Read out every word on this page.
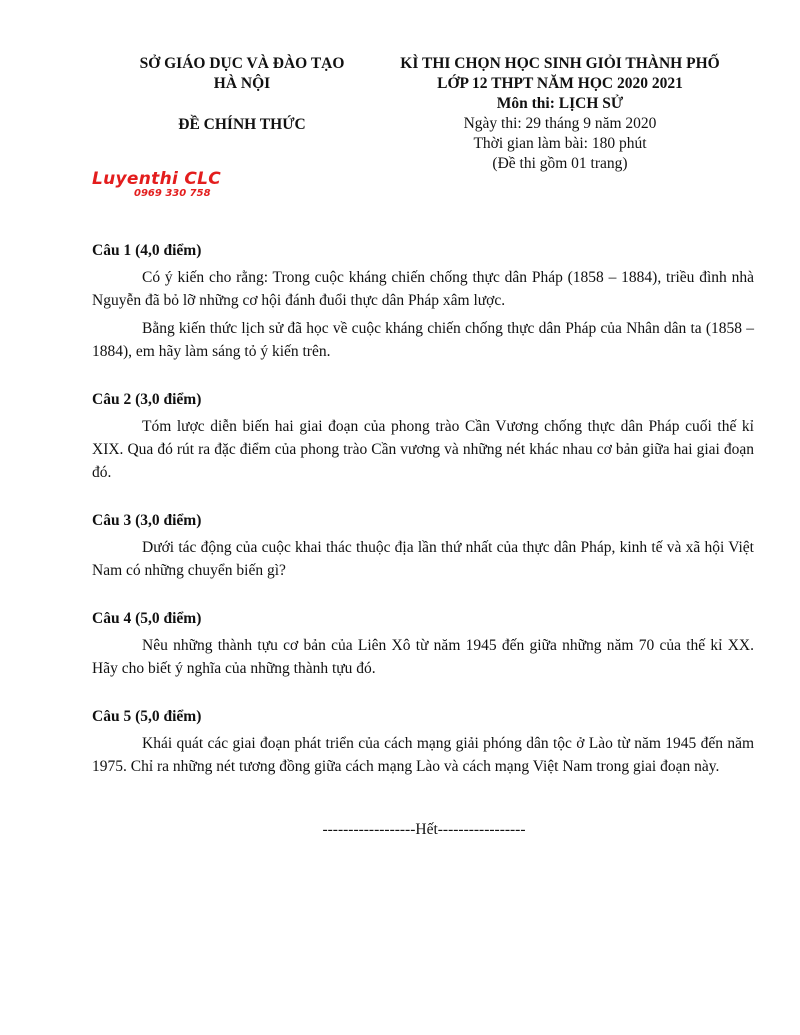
SỞ GIÁO DỤC VÀ ĐÀO TẠO
HÀ NỘI
ĐỀ CHÍNH THỨC
KÌ THI CHỌN HỌC SINH GIỎI THÀNH PHỐ
LỚP 12 THPT NĂM HỌC 2020 2021
Môn thi: LỊCH SỬ
Ngày thi: 29 tháng 9 năm 2020
Thời gian làm bài: 180 phút
(Đề thi gồm 01 trang)
Luyenthi CLC
0969 330 758
Câu 1 (4,0 điểm)

Có ý kiến cho rằng: Trong cuộc kháng chiến chống thực dân Pháp (1858 – 1884), triều đình nhà Nguyễn đã bỏ lỡ những cơ hội đánh đuổi thực dân Pháp xâm lược.

Bằng kiến thức lịch sử đã học về cuộc kháng chiến chống thực dân Pháp của Nhân dân ta (1858 – 1884), em hãy làm sáng tỏ ý kiến trên.

Câu 2 (3,0 điểm)

Tóm lược diễn biến hai giai đoạn của phong trào Cần Vương chống thực dân Pháp cuối thế kỉ XIX. Qua đó rút ra đặc điểm của phong trào Cần vương và những nét khác nhau cơ bản giữa hai giai đoạn đó.

Câu 3 (3,0 điểm)

Dưới tác động của cuộc khai thác thuộc địa lần thứ nhất của thực dân Pháp, kinh tế và xã hội Việt Nam có những chuyển biến gì?

Câu 4 (5,0 điểm)

Nêu những thành tựu cơ bản của Liên Xô từ năm 1945 đến giữa những năm 70 của thế kỉ XX. Hãy cho biết ý nghĩa của những thành tựu đó.

Câu 5 (5,0 điểm)

Khái quát các giai đoạn phát triển của cách mạng giải phóng dân tộc ở Lào từ năm 1945 đến năm 1975. Chỉ ra những nét tương đồng giữa cách mạng Lào và cách mạng Việt Nam trong giai đoạn này.

------------------Hết-----------------
